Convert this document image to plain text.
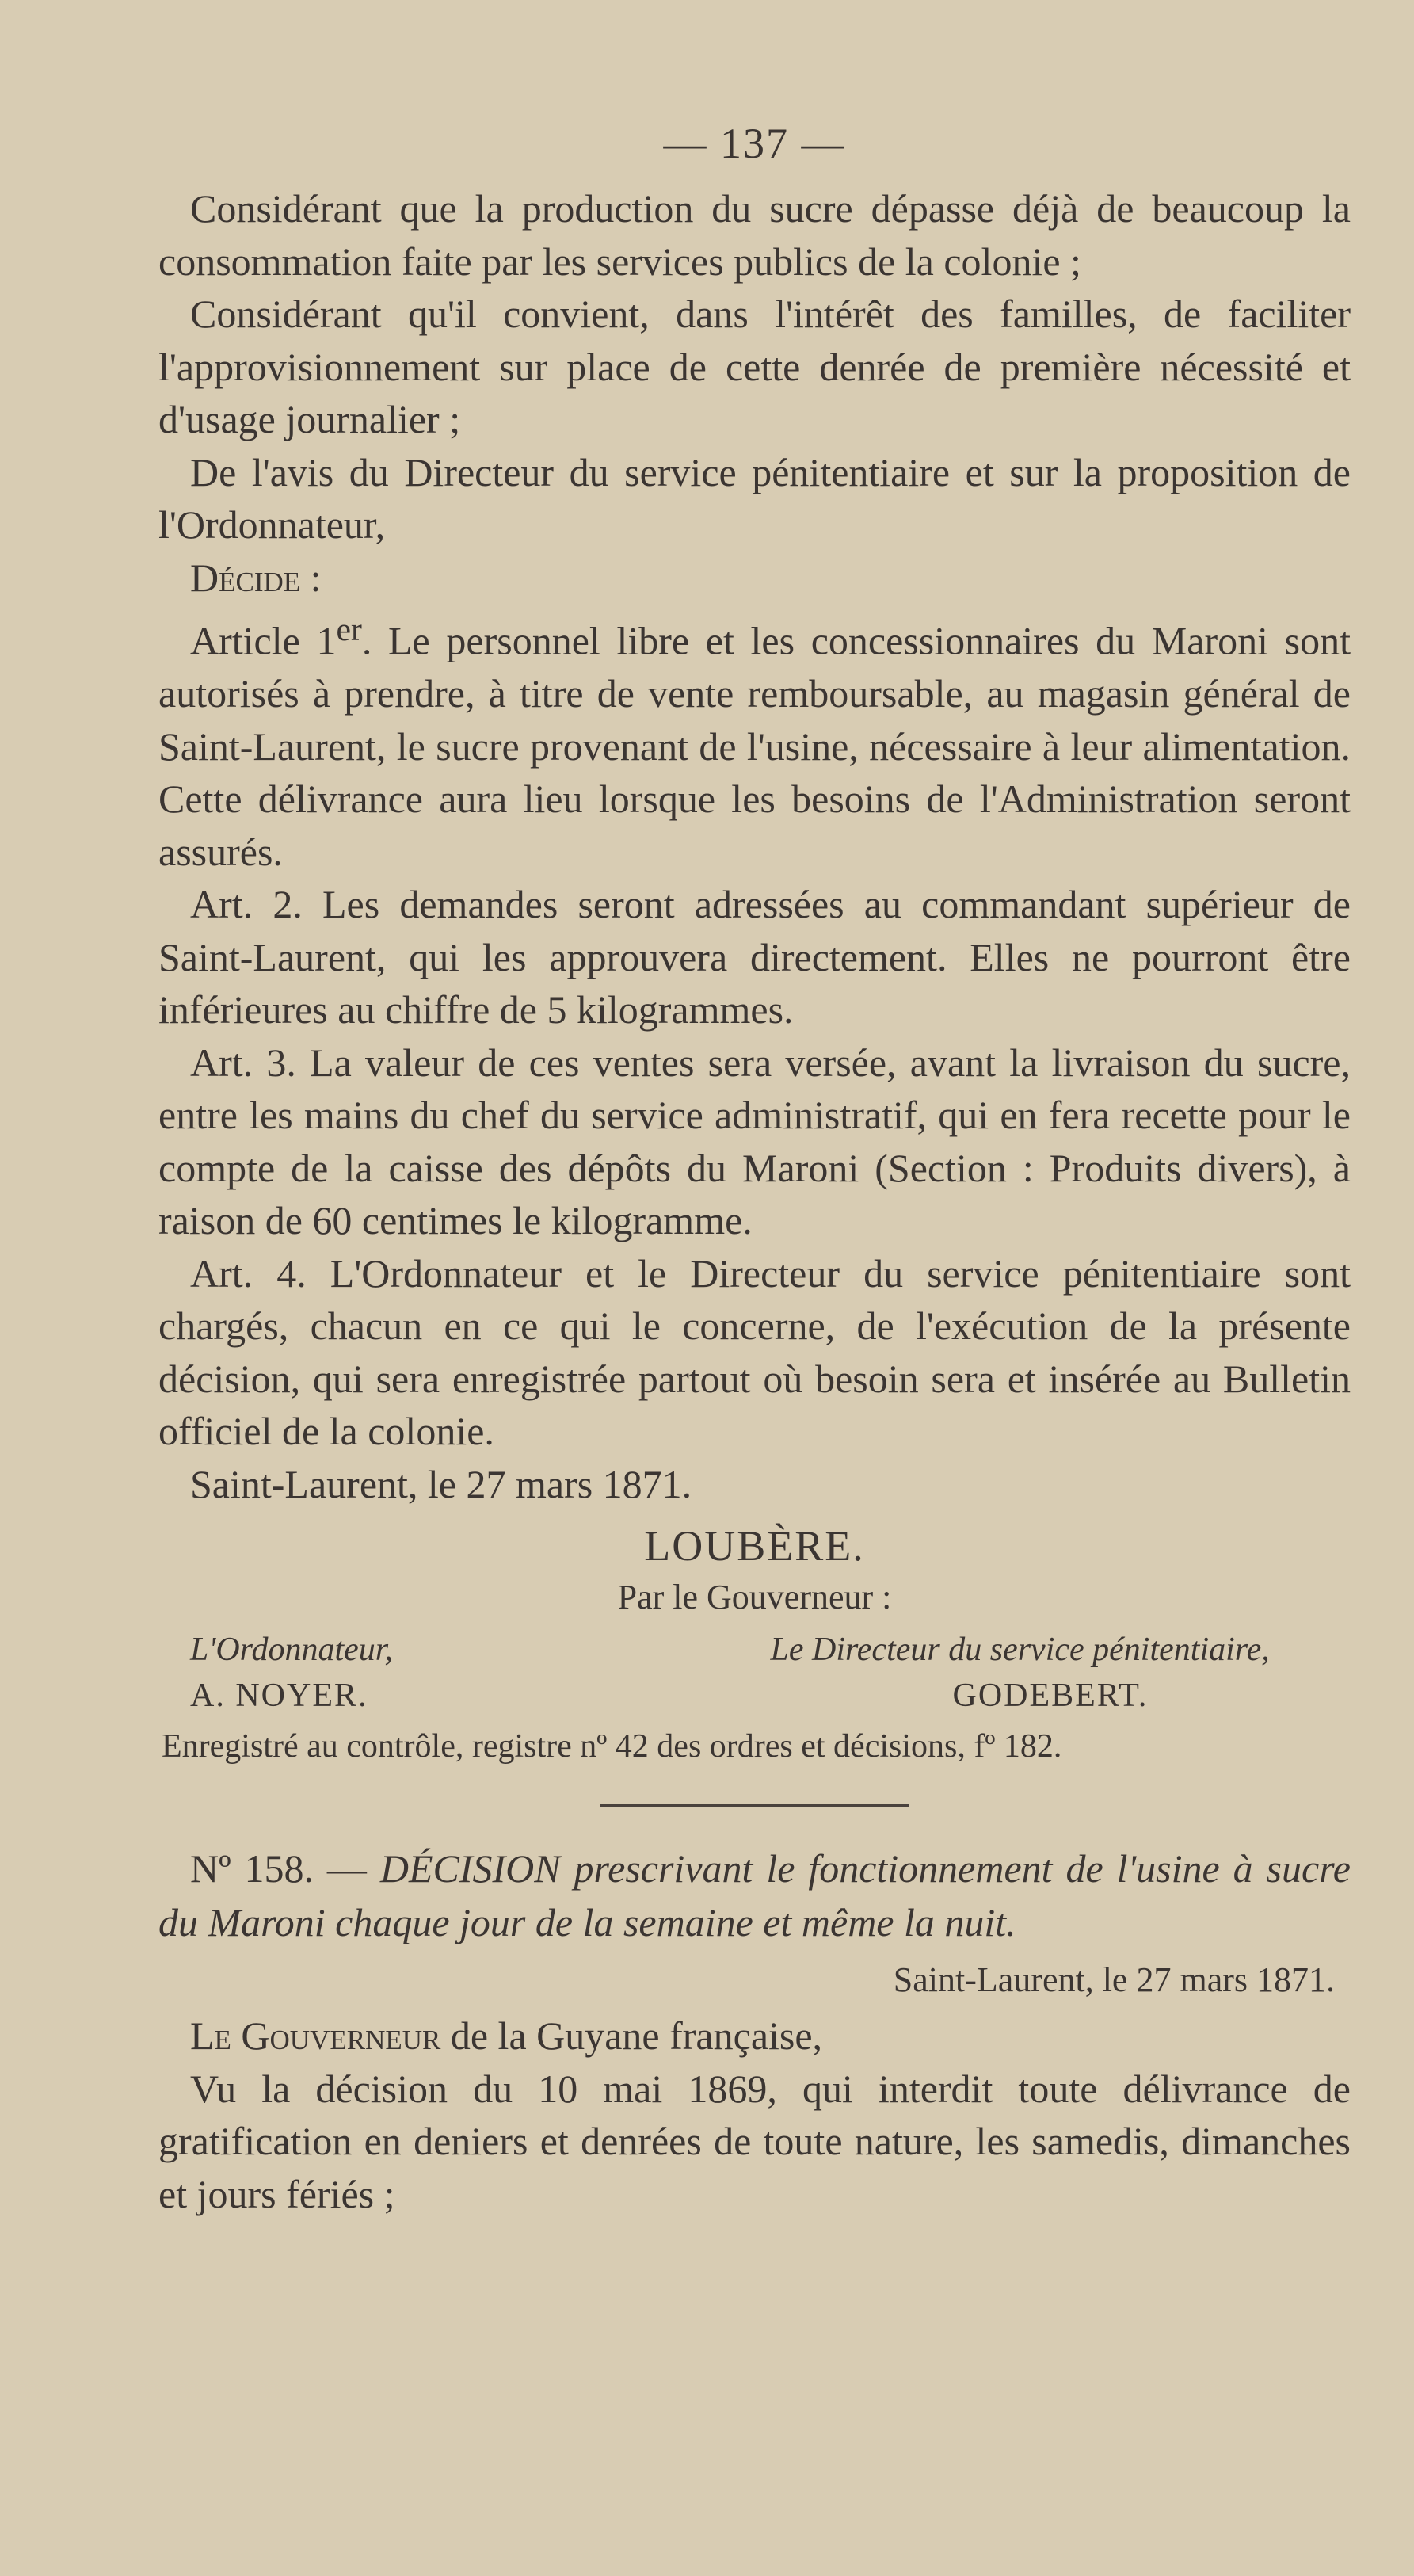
— 137 —

Considérant que la production du sucre dépasse déjà de beaucoup la consommation faite par les services publics de la colonie ;

Considérant qu'il convient, dans l'intérêt des familles, de faciliter l'approvisionnement sur place de cette denrée de première nécessité et d'usage journalier ;

De l'avis du Directeur du service pénitentiaire et sur la proposition de l'Ordonnateur,

Décide :

Article 1er. Le personnel libre et les concessionnaires du Maroni sont autorisés à prendre, à titre de vente remboursable, au magasin général de Saint-Laurent, le sucre provenant de l'usine, nécessaire à leur alimentation. Cette délivrance aura lieu lorsque les besoins de l'Administration seront assurés.

Art. 2. Les demandes seront adressées au commandant supérieur de Saint-Laurent, qui les approuvera directement. Elles ne pourront être inférieures au chiffre de 5 kilogrammes.

Art. 3. La valeur de ces ventes sera versée, avant la livraison du sucre, entre les mains du chef du service administratif, qui en fera recette pour le compte de la caisse des dépôts du Maroni (Section : Produits divers), à raison de 60 centimes le kilogramme.

Art. 4. L'Ordonnateur et le Directeur du service pénitentiaire sont chargés, chacun en ce qui le concerne, de l'exécution de la présente décision, qui sera enregistrée partout où besoin sera et insérée au Bulletin officiel de la colonie.

Saint-Laurent, le 27 mars 1871.

LOUBÈRE.
Par le Gouverneur :
L'Ordonnateur,	Le Directeur du service pénitentiaire,
A. NOYER.	GODEBERT.
Enregistré au contrôle, registre nº 42 des ordres et décisions, fº 182.

Nº 158. — DÉCISION prescrivant le fonctionnement de l'usine à sucre du Maroni chaque jour de la semaine et même la nuit.

Saint-Laurent, le 27 mars 1871.

Le Gouverneur de la Guyane française,

Vu la décision du 10 mai 1869, qui interdit toute délivrance de gratification en deniers et denrées de toute nature, les samedis, dimanches et jours fériés ;
